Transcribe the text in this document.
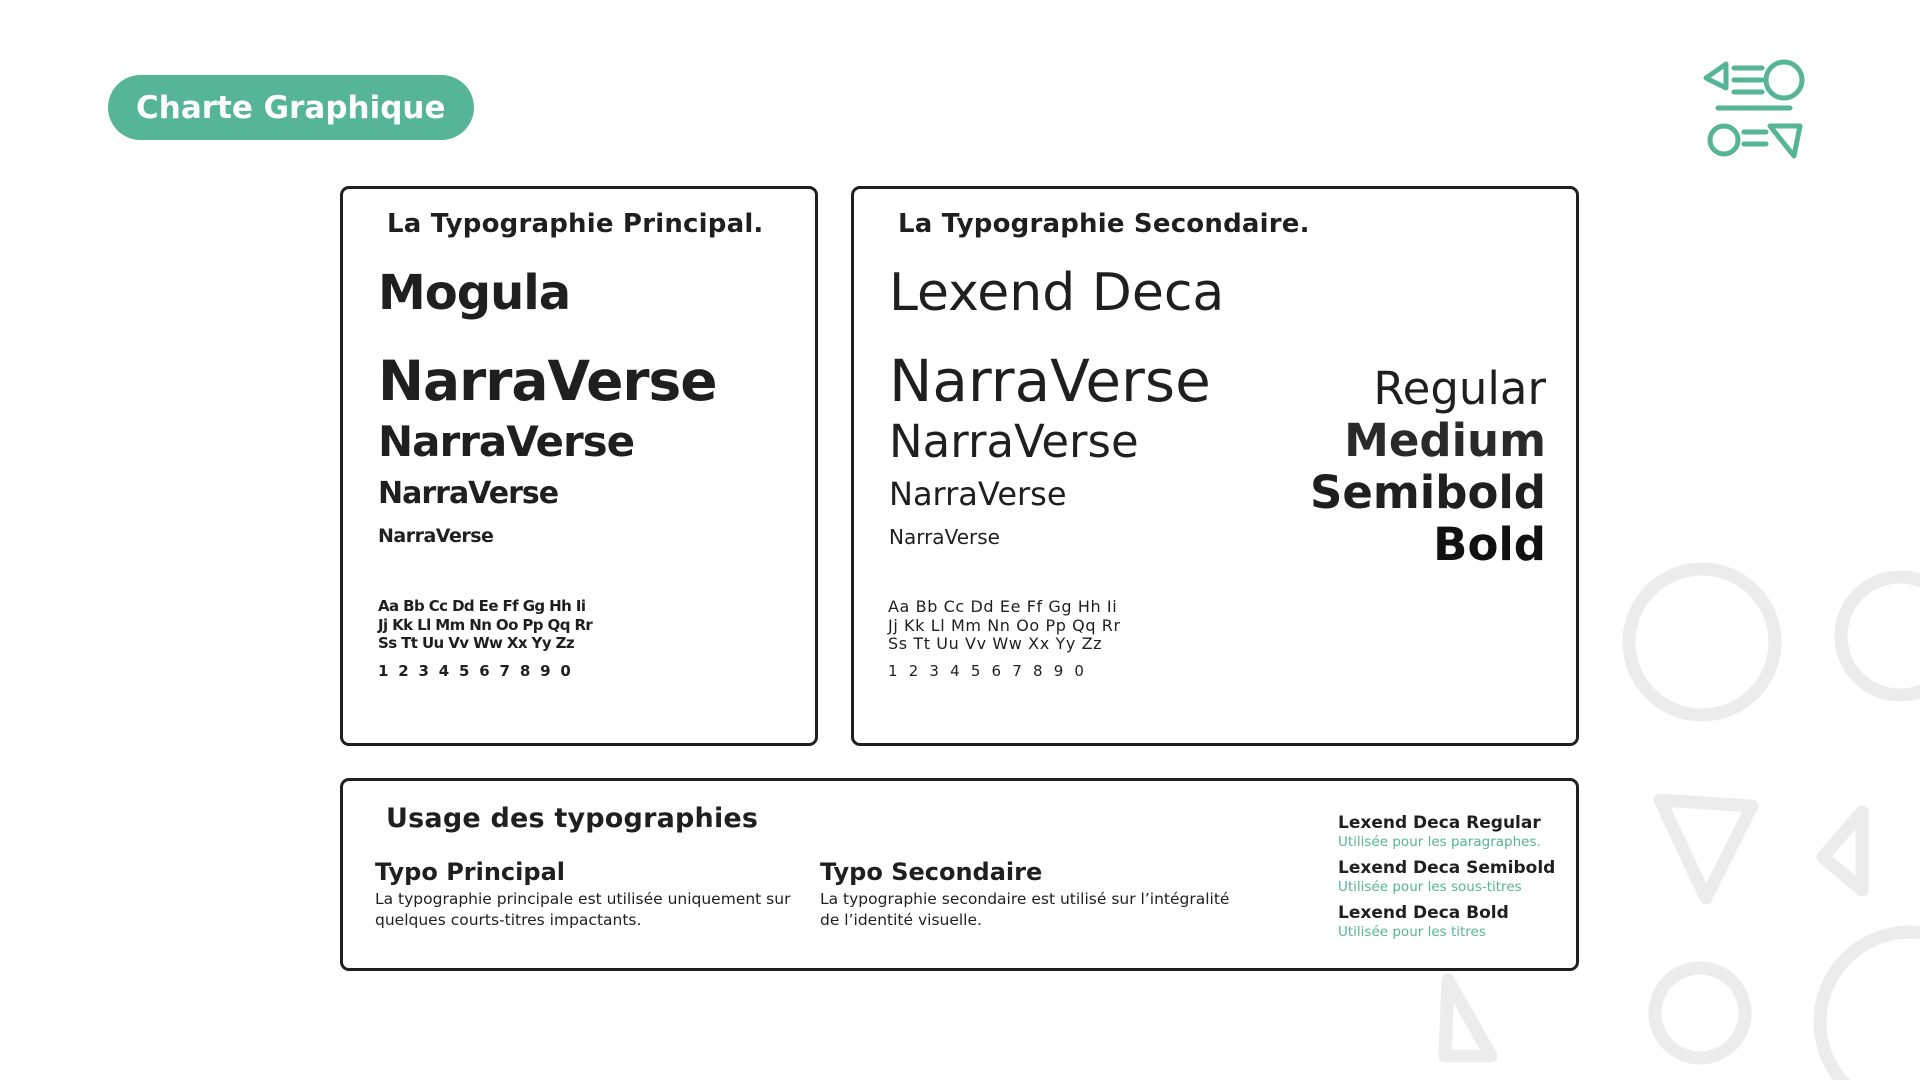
Charte Graphique
La Typographie Principal.
Mogula
NarraVerse
NarraVerse
NarraVerse
NarraVerse
Aa Bb Cc Dd Ee Ff Gg Hh Ii
Jj Kk Ll Mm Nn Oo Pp Qq Rr
Ss Tt Uu Vv Ww Xx Yy Zz
1 2 3 4 5 6 7 8 9 0
La Typographie Secondaire.
Lexend Deca
NarraVerse
NarraVerse
NarraVerse
NarraVerse
Aa Bb Cc Dd Ee Ff Gg Hh Ii
Jj Kk Ll Mm Nn Oo Pp Qq Rr
Ss Tt Uu Vv Ww Xx Yy Zz
1 2 3 4 5 6 7 8 9 0
Regular
Medium
Semibold
Bold
Usage des typographies
Typo Principal

La typographie principale est utilisée uniquement sur quelques courts-titres impactants.

Typo Secondaire

La typographie secondaire est utilisé sur l’intégralité de l’identité visuelle.

Lexend Deca Regular
Utilisée pour les paragraphes.
Lexend Deca Semibold
Utilisée pour les sous-titres
Lexend Deca Bold
Utilisée pour les titres
